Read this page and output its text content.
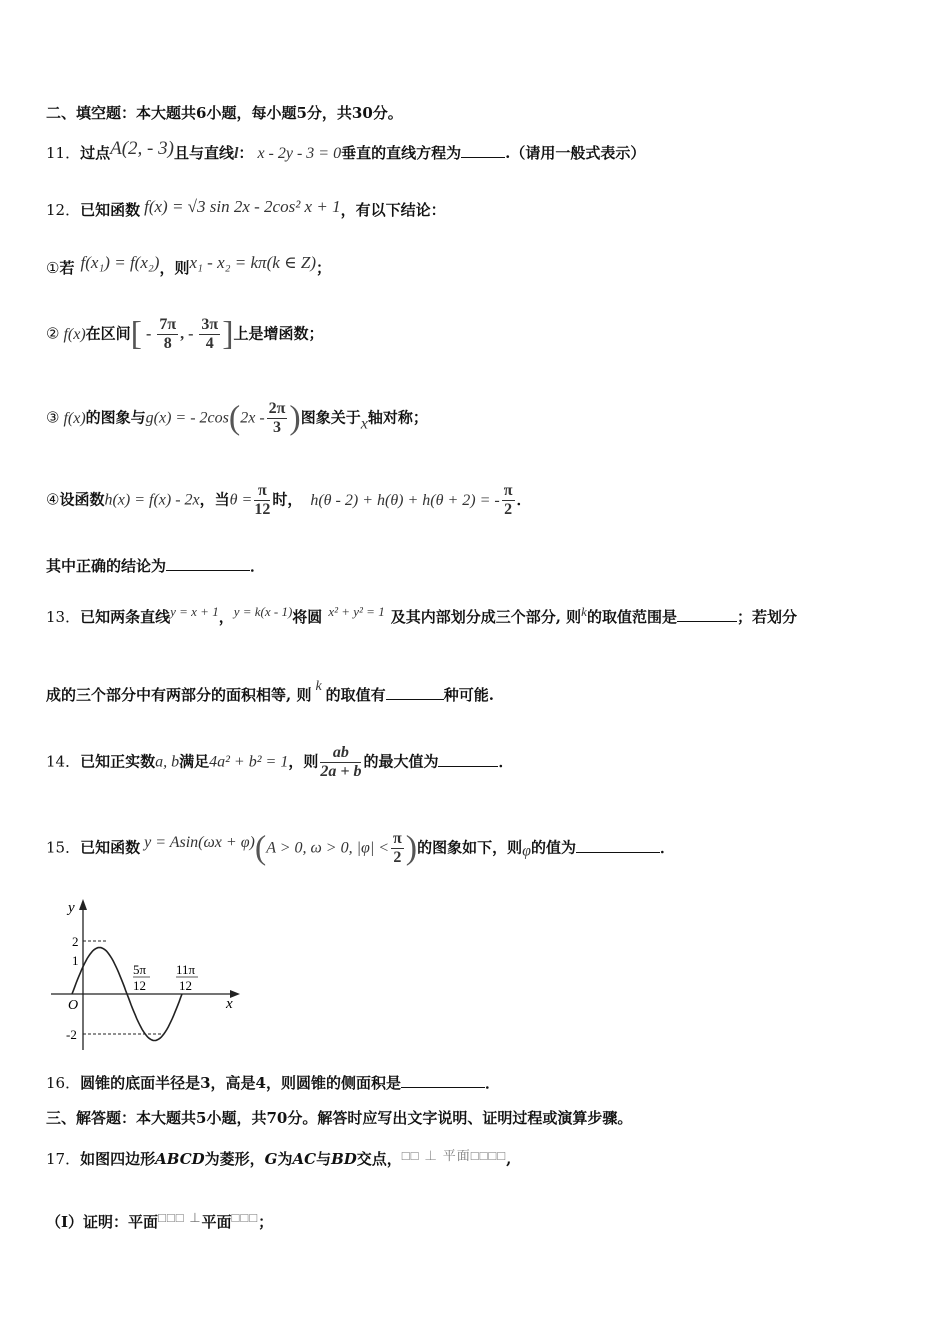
二、填空题：本大题共6小题，每小题5分，共30分。
11．过点A(2, - 3)且与直线l： x - 2y - 3 = 0垂直的直线方程为	.（请用一般式表示）
12．已知函数 f(x) = √3 sin 2x - 2cos² x + 1，有以下结论：
①若 f(x₁) = f(x₂)，则x₁ - x₂ = kπ(k ∈ Z)；
② f(x)在区间[ - $\frac{7\pi}{8}$ , - $\frac{3\pi}{4}$ ]上是增函数；
③ f(x)的图象与g(x) = - $2\cos(2x - \frac{2\pi}{3}$ )图象关于x轴对称；
④设函数h(x) = f(x) - 2x，当$\theta = \frac{\pi}{12}$ 时， h(θ - 2) + h(θ) + h(θ + 2) = - $\frac{\pi}{2}$ ．
其中正确的结论为	．
13．已知两条直线y = x + 1，y = k(x - 1)将圆 x² + y² = 1 及其内部划分成三个部分, 则k的取值范围是	；若划分
成的三个部分中有两部分的面积相等, 则 k 的取值有	种可能.
14．已知正实数a, b满足4a² + b² = 1，则 $\frac{ab}{2a + b}$ 的最大值为	．
15．已知函数 y = Asin(ωx + φ)(A > 0, ω > 0, $|\varphi| < \frac{\pi}{2}$ )的图象如下，则φ的值为	．
y
x
O
2
1
-2
5π
12
11π
12
16．圆锥的底面半径是3，高是4，则圆锥的侧面积是	．
三、解答题：本大题共5小题，共70分。解答时应写出文字说明、证明过程或演算步骤。
17．如图四边形ABCD为菱形，G为AC与BD交点，□□ ⊥ 平面□□□□,
（I）证明：平面□□□ ⊥平面□□□；
